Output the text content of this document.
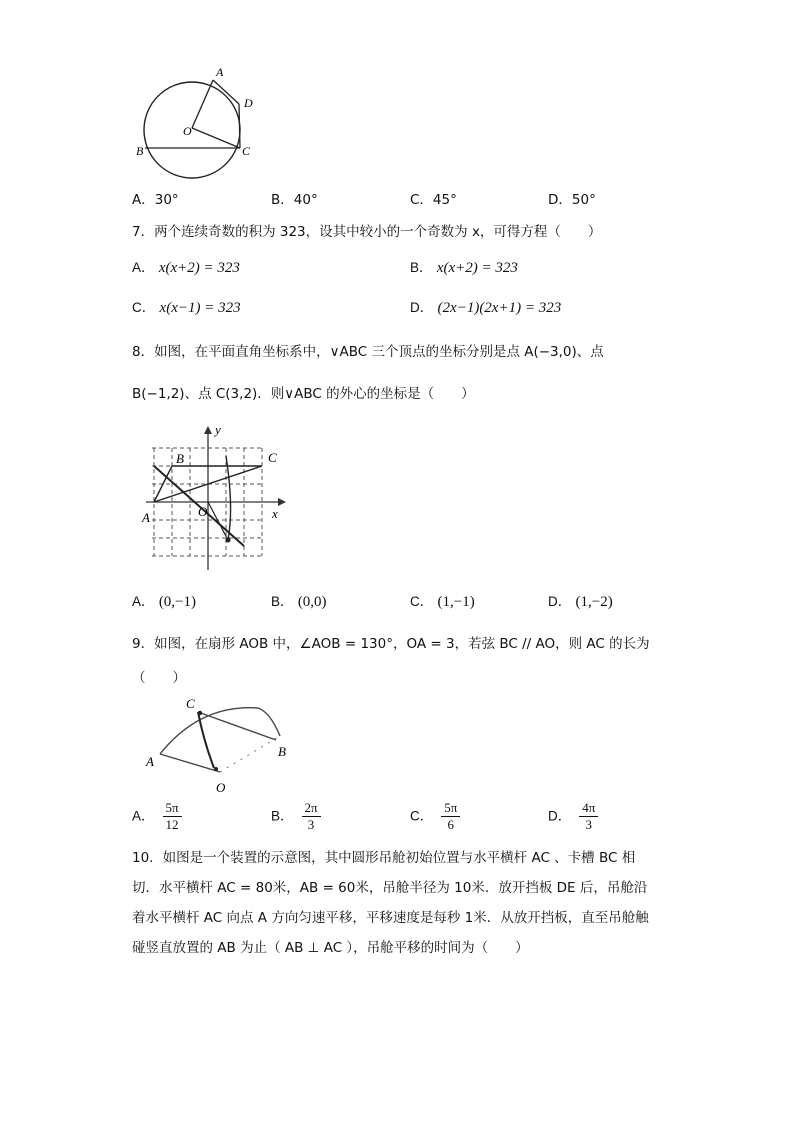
A
D
O
B	C
A．30°	B．40°	C．45°	D．50°
7．两个连续奇数的积为 323，设其中较小的一个奇数为 x，可得方程（　　）
A． x(x+2) = 323	B． x(x+2) = 323
C． x(x−1) = 323	D． (2x−1)(2x+1) = 323
8．如图，在平面直角坐标系中，∨ABC 三个顶点的坐标分别是点 A(−3,0)、点
B(−1,2)、点 C(3,2)．则∨ABC 的外心的坐标是（　　）
y
B	C
A	O	x
A． (0,−1)	B． (0,0)	C． (1,−1)	D． (1,−2)
9．如图，在扇形 AOB 中，∠AOB = 130°，OA = 3，若弦 BC // AO，则 AC 的长为
（　　）
C
B
A
O
A． $\frac{5\pi}{12}$	B． $\frac{2\pi}{3}$	C． $\frac{5\pi}{6}$	D． $\frac{4\pi}{3}$
10．如图是一个装置的示意图，其中圆形吊舱初始位置与水平横杆 AC 、卡槽 BC 相
切．水平横杆 AC = 80米，AB = 60米，吊舱半径为 10米．放开挡板 DE 后，吊舱沿
着水平横杆 AC 向点 A 方向匀速平移，平移速度是每秒 1米．从放开挡板，直至吊舱触
碰竖直放置的 AB 为止（ AB ⊥ AC ），吊舱平移的时间为（　　）
